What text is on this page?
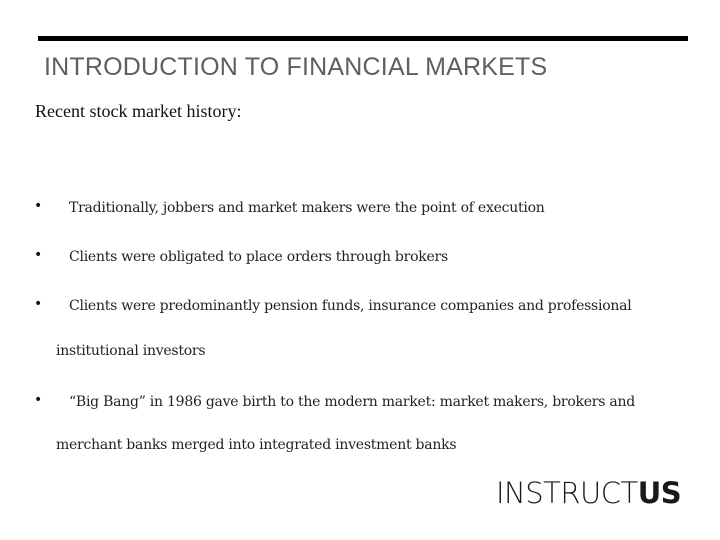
INTRODUCTION TO FINANCIAL MARKETS
Recent stock market history:
• Traditionally, jobbers and market makers were the point of execution
• Clients were obligated to place orders through brokers
• Clients were predominantly pension funds, insurance companies and professional
institutional investors
• “Big Bang” in 1986 gave birth to the modern market: market makers, brokers and
merchant banks merged into integrated investment banks
INSTRUCTUS
